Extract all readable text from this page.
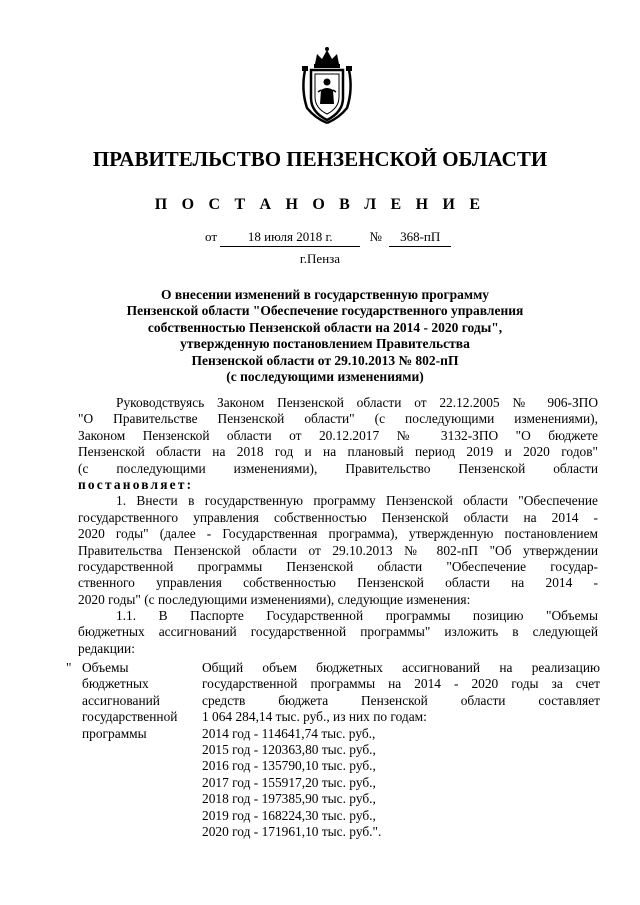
ПРАВИТЕЛЬСТВО ПЕНЗЕНСКОЙ ОБЛАСТИ
П О С Т А Н О В Л Е Н И Е
от 18 июля 2018 г.	№ 368-пП
г.Пенза
О внесении изменений в государственную программу
Пензенской области "Обеспечение государственного управления
собственностью Пензенской области на 2014 - 2020 годы",
утвержденную постановлением Правительства
Пензенской области от 29.10.2013 № 802-пП
(с последующими изменениями)
Руководствуясь Законом Пензенской области от 22.12.2005 № 906-ЗПО
"О Правительстве Пензенской области" (с последующими изменениями),
Законом Пензенской области от 20.12.2017 № 3132-ЗПО "О бюджете
Пензенской области на 2018 год и на плановый период 2019 и 2020 годов"
(с последующими изменениями), Правительство Пензенской области
постановляет:
1. Внести в государственную программу Пензенской области "Обеспечение
государственного управления собственностью Пензенской области на 2014 -
2020 годы" (далее - Государственная программа), утвержденную постановлением
Правительства Пензенской области от 29.10.2013 № 802-пП "Об утверждении
государственной программы Пензенской области "Обеспечение государ-
ственного управления собственностью Пензенской области на 2014 -
2020 годы" (с последующими изменениями), следующие изменения:
1.1. В Паспорте Государственной программы позицию "Объемы
бюджетных ассигнований государственной программы" изложить в следующей
редакции:
" Объемы
бюджетных
ассигнований
государственной
программы
Общий объем бюджетных ассигнований на реализацию
государственной программы на 2014 - 2020 годы за счет
средств бюджета Пензенской области составляет
1 064 284,14 тыс. руб., из них по годам:
2014 год - 114641,74 тыс. руб.,
2015 год - 120363,80 тыс. руб.,
2016 год - 135790,10 тыс. руб.,
2017 год - 155917,20 тыс. руб.,
2018 год - 197385,90 тыс. руб.,
2019 год - 168224,30 тыс. руб.,
2020 год - 171961,10 тыс. руб.".
